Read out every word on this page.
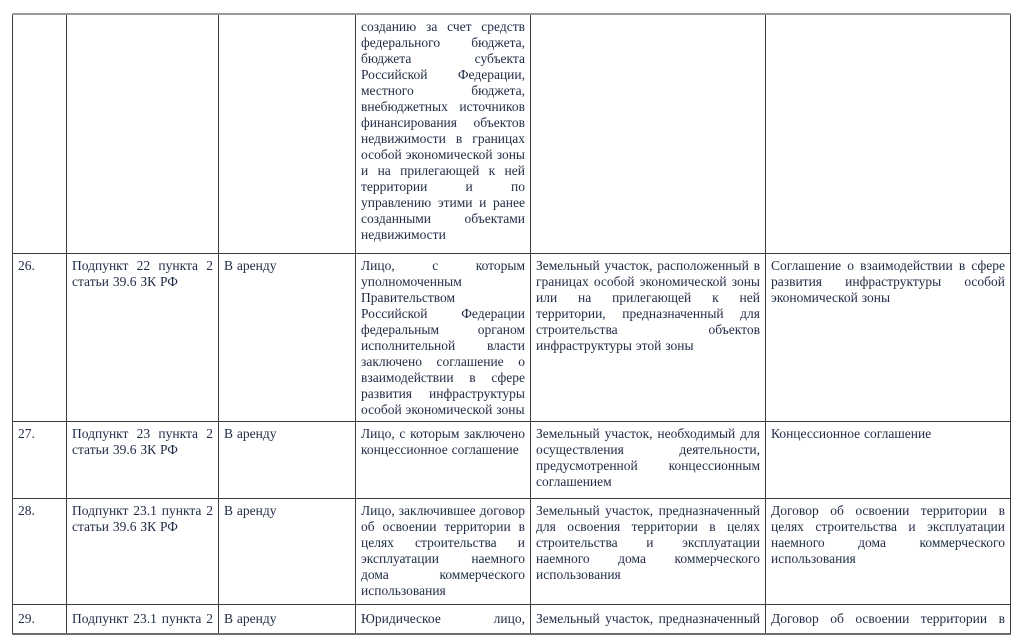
			созданию за счет средств федерального бюджета, бюджета субъекта Российской Федерации, местного бюджета, внебюджетных источников финансирования объектов недвижимости в границах особой экономической зоны и на прилегающей к ней территории и по управлению этими и ранее созданными объектами недвижимости		
26.	Подпункт 22 пункта 2 статьи 39.6 ЗК РФ	В аренду	Лицо, с которым уполномоченным Правительством Российской Федерации федеральным органом исполнительной власти заключено соглашение о взаимодействии в сфере развития инфраструктуры особой экономической зоны	Земельный участок, расположенный в границах особой экономической зоны или на прилегающей к ней территории, предназначенный для строительства объектов инфраструктуры этой зоны	Соглашение о взаимодействии в сфере развития инфраструктуры особой экономической зоны
27.	Подпункт 23 пункта 2 статьи 39.6 ЗК РФ	В аренду	Лицо, с которым заключено концессионное соглашение	Земельный участок, необходимый для осуществления деятельности, предусмотренной концессионным соглашением	Концессионное соглашение
28.	Подпункт 23.1 пункта 2 статьи 39.6 ЗК РФ	В аренду	Лицо, заключившее договор об освоении территории в целях строительства и эксплуатации наемного дома коммерческого использования	Земельный участок, предназначенный для освоения территории в целях строительства и эксплуатации наемного дома коммерческого использования	Договор об освоении территории в целях строительства и эксплуатации наемного дома коммерческого использования
29.	Подпункт 23.1 пункта 2	В аренду	Юридическое лицо,	Земельный участок, предназначенный	Договор об освоении территории в
